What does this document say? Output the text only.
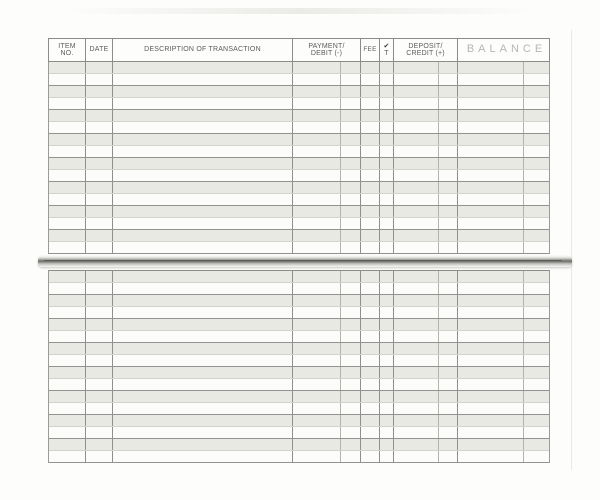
ITEM
NO.
DATE	DESCRIPTION OF TRANSACTION
PAYMENT/
DEBIT (-)
FEE ✔
T
DEPOSIT/
CREDIT (+) BALANCE
